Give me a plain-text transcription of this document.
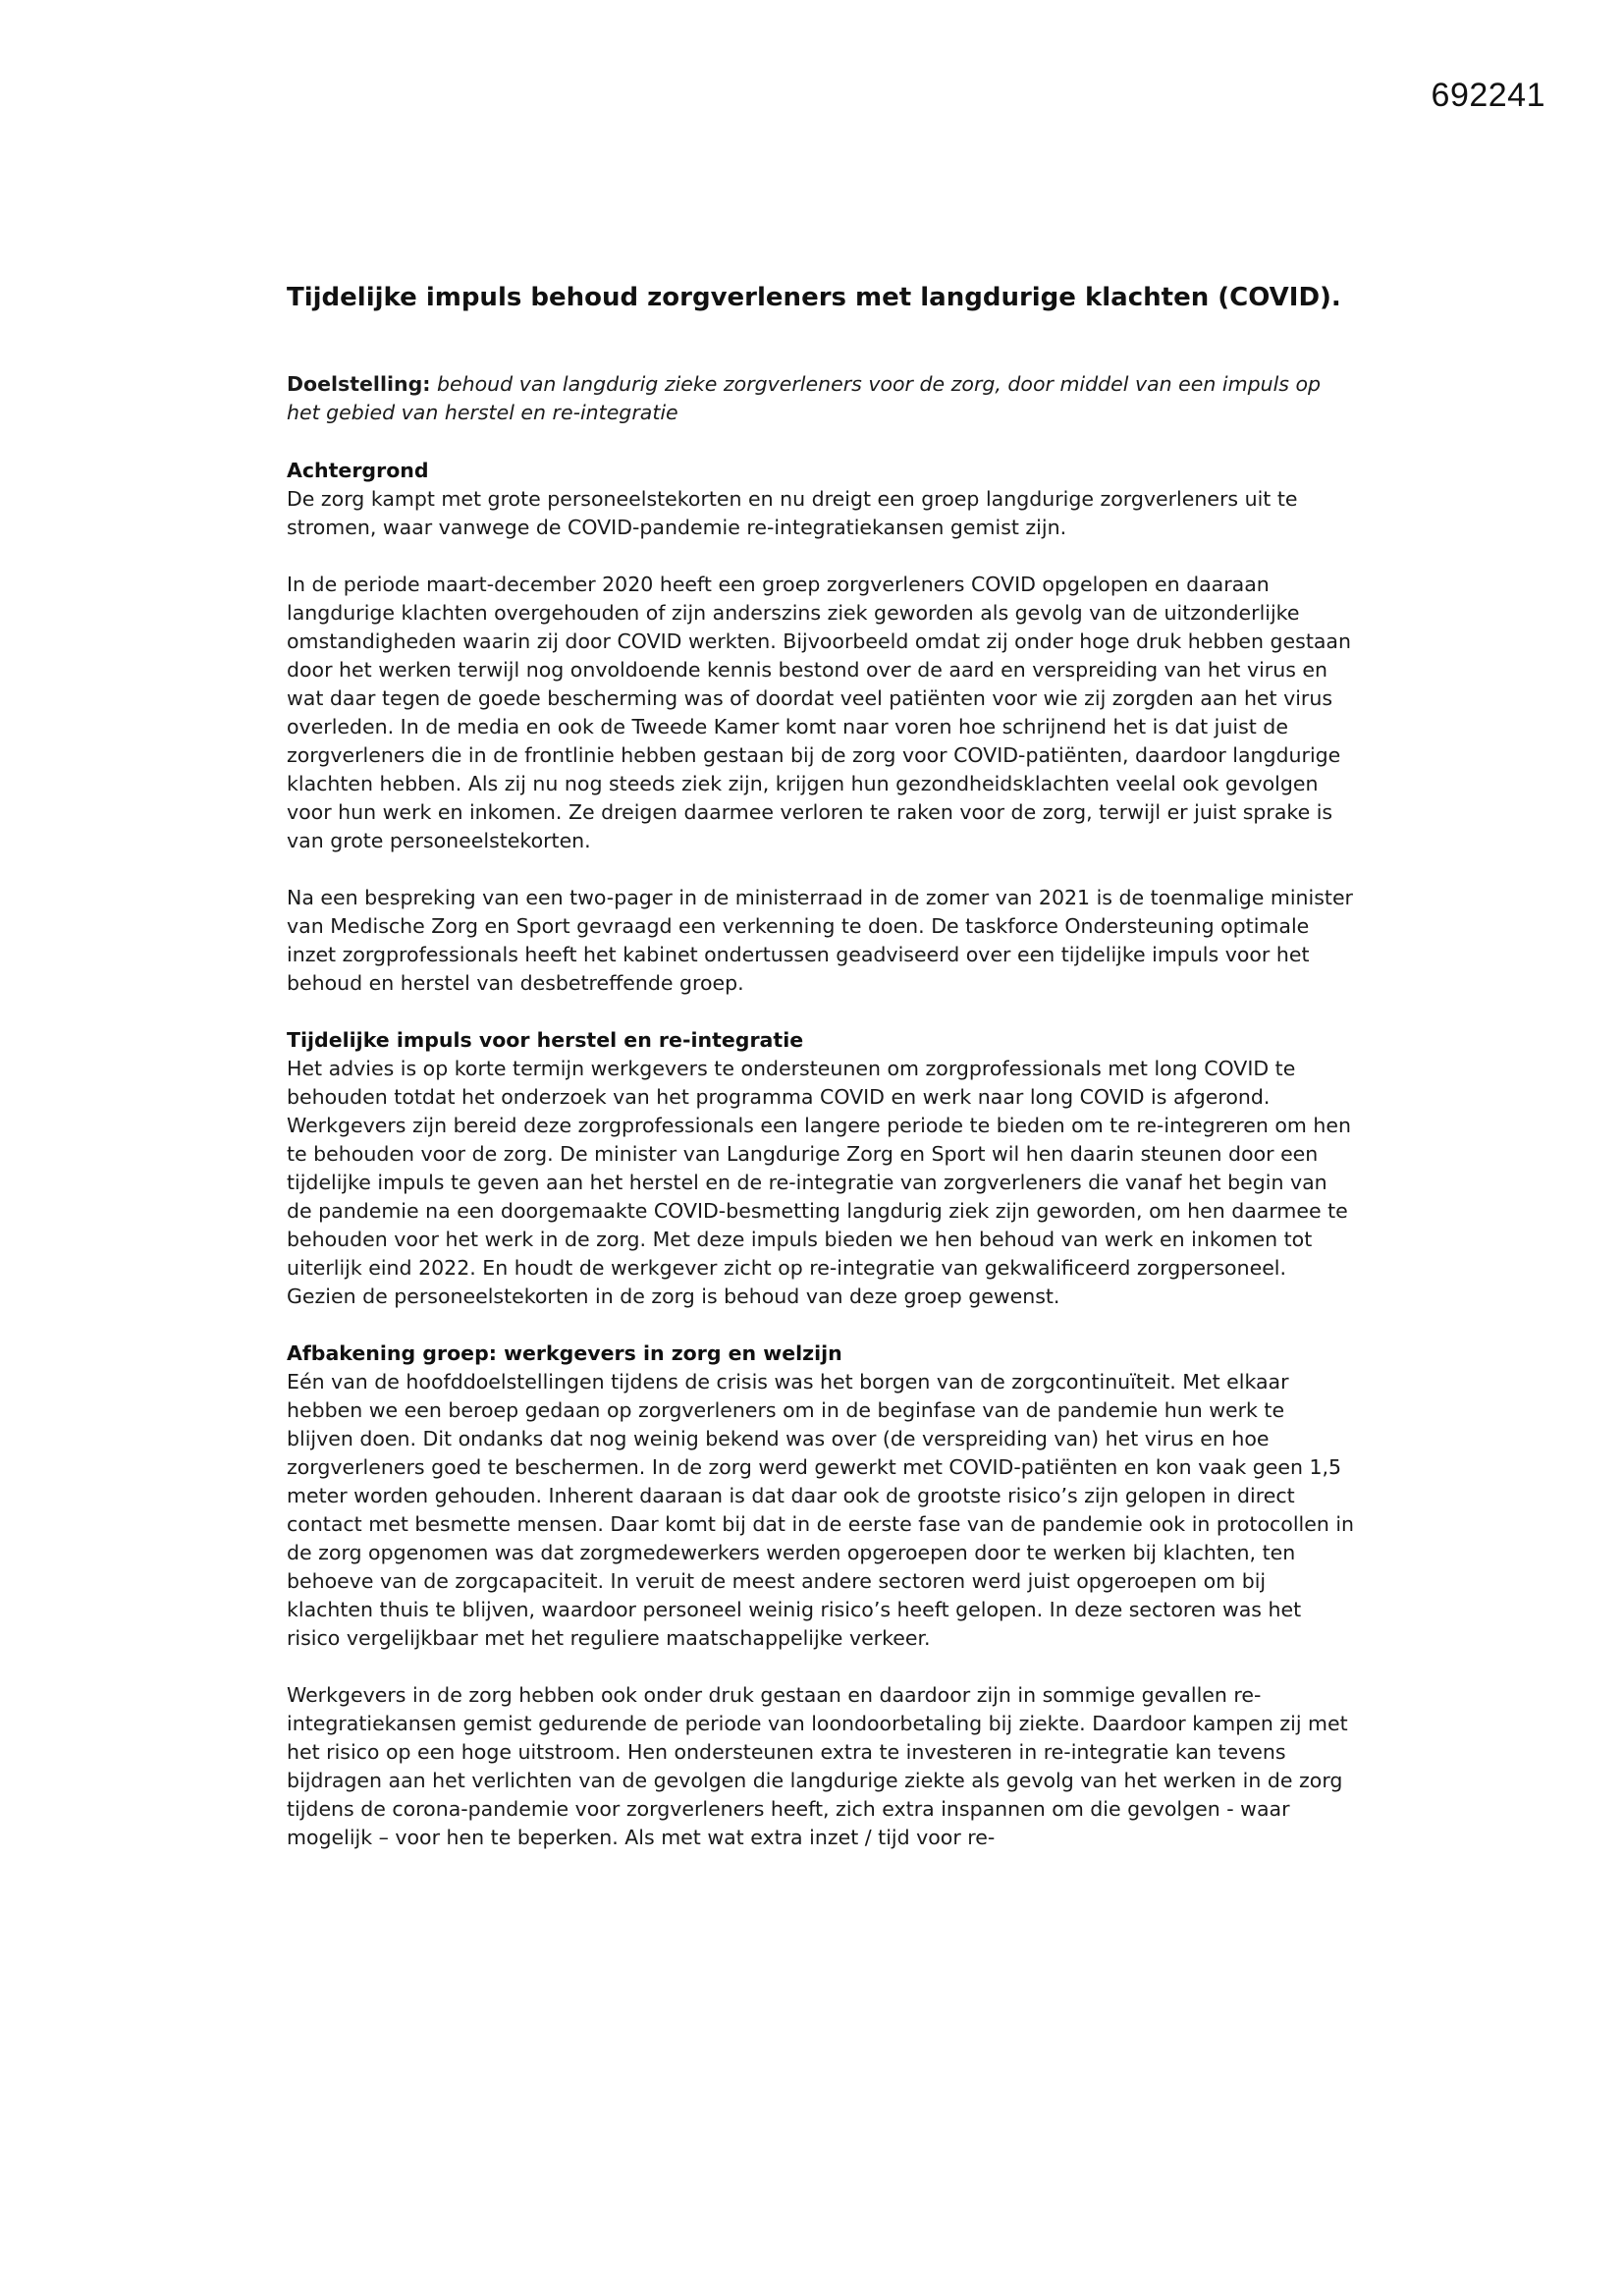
692241
Tijdelijke impuls behoud zorgverleners met langdurige klachten (COVID).

Doelstelling: behoud van langdurig zieke zorgverleners voor de zorg, door middel van een impuls op het gebied van herstel en re-integratie

Achtergrond

De zorg kampt met grote personeelstekorten en nu dreigt een groep langdurige zorgverleners uit te stromen, waar vanwege de COVID-pandemie re-integratiekansen gemist zijn.

In de periode maart-december 2020 heeft een groep zorgverleners COVID opgelopen en daaraan langdurige klachten overgehouden of zijn anderszins ziek geworden als gevolg van de uitzonderlijke omstandigheden waarin zij door COVID werkten. Bijvoorbeeld omdat zij onder hoge druk hebben gestaan door het werken terwijl nog onvoldoende kennis bestond over de aard en verspreiding van het virus en wat daar tegen de goede bescherming was of doordat veel patiënten voor wie zij zorgden aan het virus overleden. In de media en ook de Tweede Kamer komt naar voren hoe schrijnend het is dat juist de zorgverleners die in de frontlinie hebben gestaan bij de zorg voor COVID-patiënten, daardoor langdurige klachten hebben. Als zij nu nog steeds ziek zijn, krijgen hun gezondheidsklachten veelal ook gevolgen voor hun werk en inkomen. Ze dreigen daarmee verloren te raken voor de zorg, terwijl er juist sprake is van grote personeelstekorten.

Na een bespreking van een two-pager in de ministerraad in de zomer van 2021 is de toenmalige minister van Medische Zorg en Sport gevraagd een verkenning te doen. De taskforce Ondersteuning optimale inzet zorgprofessionals heeft het kabinet ondertussen geadviseerd over een tijdelijke impuls voor het behoud en herstel van desbetreffende groep.

Tijdelijke impuls voor herstel en re-integratie

Het advies is op korte termijn werkgevers te ondersteunen om zorgprofessionals met long COVID te behouden totdat het onderzoek van het programma COVID en werk naar long COVID is afgerond. Werkgevers zijn bereid deze zorgprofessionals een langere periode te bieden om te re-integreren om hen te behouden voor de zorg. De minister van Langdurige Zorg en Sport wil hen daarin steunen door een tijdelijke impuls te geven aan het herstel en de re-integratie van zorgverleners die vanaf het begin van de pandemie na een doorgemaakte COVID-besmetting langdurig ziek zijn geworden, om hen daarmee te behouden voor het werk in de zorg. Met deze impuls bieden we hen behoud van werk en inkomen tot uiterlijk eind 2022. En houdt de werkgever zicht op re-integratie van gekwalificeerd zorgpersoneel. Gezien de personeelstekorten in de zorg is behoud van deze groep gewenst.

Afbakening groep: werkgevers in zorg en welzijn

Eén van de hoofddoelstellingen tijdens de crisis was het borgen van de zorgcontinuïteit. Met elkaar hebben we een beroep gedaan op zorgverleners om in de beginfase van de pandemie hun werk te blijven doen. Dit ondanks dat nog weinig bekend was over (de verspreiding van) het virus en hoe zorgverleners goed te beschermen. In de zorg werd gewerkt met COVID-patiënten en kon vaak geen 1,5 meter worden gehouden. Inherent daaraan is dat daar ook de grootste risico’s zijn gelopen in direct contact met besmette mensen. Daar komt bij dat in de eerste fase van de pandemie ook in protocollen in de zorg opgenomen was dat zorgmedewerkers werden opgeroepen door te werken bij klachten, ten behoeve van de zorgcapaciteit. In veruit de meest andere sectoren werd juist opgeroepen om bij klachten thuis te blijven, waardoor personeel weinig risico’s heeft gelopen. In deze sectoren was het risico vergelijkbaar met het reguliere maatschappelijke verkeer.

Werkgevers in de zorg hebben ook onder druk gestaan en daardoor zijn in sommige gevallen re-integratiekansen gemist gedurende de periode van loondoorbetaling bij ziekte. Daardoor kampen zij met het risico op een hoge uitstroom. Hen ondersteunen extra te investeren in re-integratie kan tevens bijdragen aan het verlichten van de gevolgen die langdurige ziekte als gevolg van het werken in de zorg tijdens de corona-pandemie voor zorgverleners heeft, zich extra inspannen om die gevolgen - waar mogelijk – voor hen te beperken. Als met wat extra inzet / tijd voor re-
